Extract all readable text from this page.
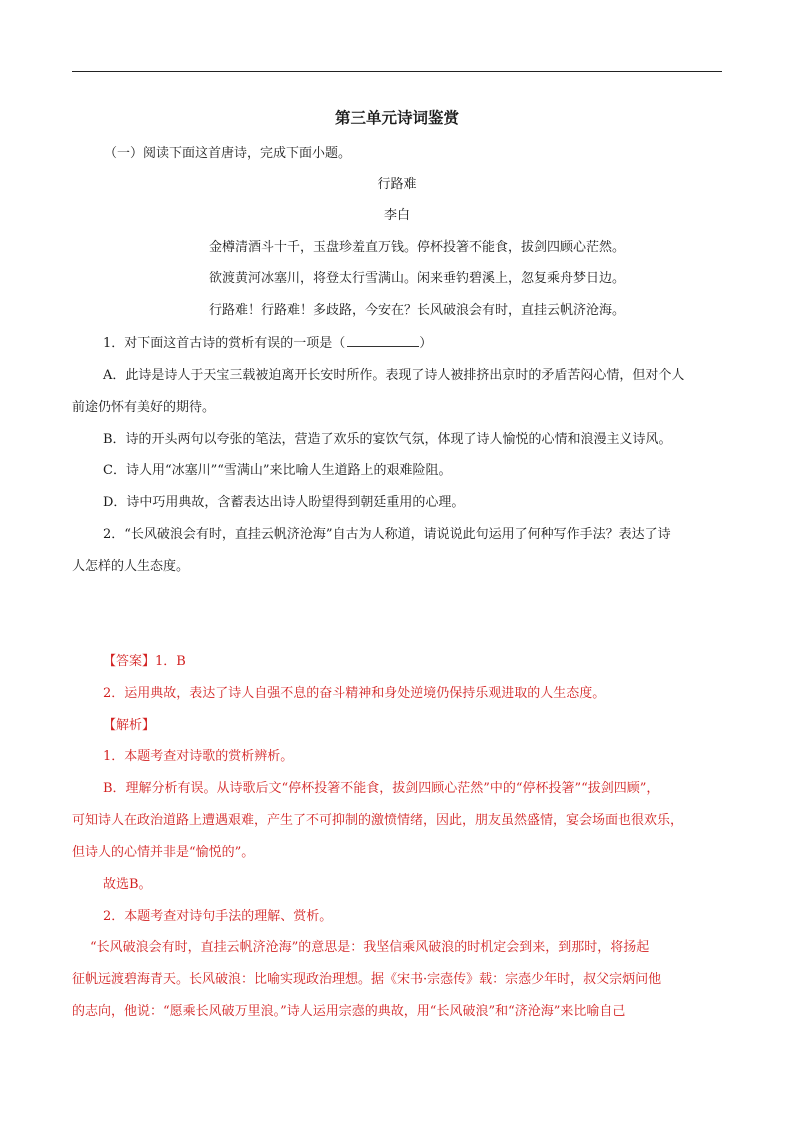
第三单元诗词鉴赏
（一）阅读下面这首唐诗，完成下面小题。
行路难
李白
金樽清酒斗十千，玉盘珍羞直万钱。停杯投箸不能食，拔剑四顾心茫然。
欲渡黄河冰塞川，将登太行雪满山。闲来垂钓碧溪上，忽复乘舟梦日边。
行路难！行路难！多歧路，今安在？长风破浪会有时，直挂云帆济沧海。
1．对下面这首古诗的赏析有误的一项是（	）
A．此诗是诗人于天宝三载被迫离开长安时所作。表现了诗人被排挤出京时的矛盾苦闷心情，但对个人
前途仍怀有美好的期待。
B．诗的开头两句以夸张的笔法，营造了欢乐的宴饮气氛，体现了诗人愉悦的心情和浪漫主义诗风。
C．诗人用“冰塞川”“雪满山”来比喻人生道路上的艰难险阻。
D．诗中巧用典故，含蓄表达出诗人盼望得到朝廷重用的心理。
2．“长风破浪会有时，直挂云帆济沧海”自古为人称道，请说说此句运用了何种写作手法？表达了诗
人怎样的人生态度。
【答案】1．B
2．运用典故，表达了诗人自强不息的奋斗精神和身处逆境仍保持乐观进取的人生态度。
【解析】
1．本题考查对诗歌的赏析辨析。
B．理解分析有误。从诗歌后文“停杯投箸不能食，拔剑四顾心茫然”中的“停杯投箸”“拔剑四顾”，
可知诗人在政治道路上遭遇艰难，产生了不可抑制的激愤情绪，因此，朋友虽然盛情，宴会场面也很欢乐，
但诗人的心情并非是“愉悦的”。
故选B。
2．本题考查对诗句手法的理解、赏析。
“长风破浪会有时，直挂云帆济沧海”的意思是：我坚信乘风破浪的时机定会到来，到那时，将扬起
征帆远渡碧海青天。长风破浪：比喻实现政治理想。据《宋书·宗悫传》载：宗悫少年时，叔父宗炳问他
的志向，他说：“愿乘长风破万里浪。”诗人运用宗悫的典故，用“长风破浪”和“济沧海”来比喻自己
